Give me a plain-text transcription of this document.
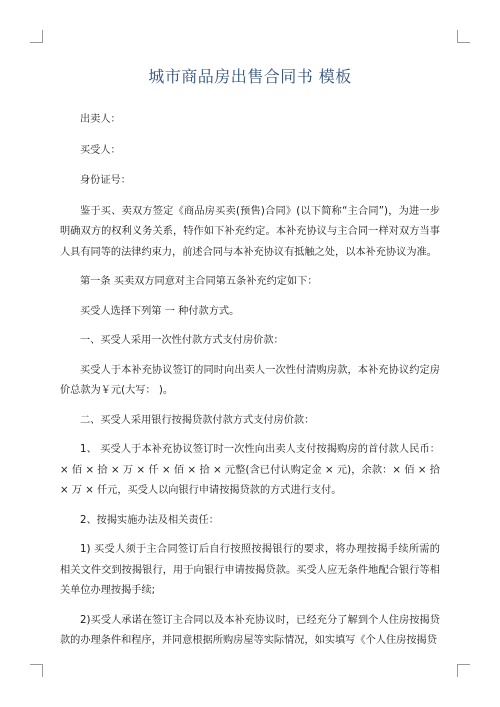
城市商品房出售合同书 模板

出卖人：

买受人：

身份证号：

鉴于买、卖双方签定《商品房买卖(预售)合同》(以下简称“主合同”)，为进一步明确双方的权利义务关系，特作如下补充约定。本补充协议与主合同一样对双方当事人具有同等的法律约束力，前述合同与本补充协议有抵触之处，以本补充协议为准。

第一条 买卖双方同意对主合同第五条补充约定如下：

买受人选择下列第 一 种付款方式。

一、买受人采用一次性付款方式支付房价款：

买受人于本补充协议签订的同时向出卖人一次性付清购房款，本补充协议约定房价总款为￥元(大写： )。

二、买受人采用银行按揭贷款付款方式支付房价款：

1、 买受人于本补充协议签订时一次性向出卖人支付按揭购房的首付款人民币：× 佰 × 拾 × 万 × 仟 × 佰 × 拾 × 元整(含已付认购定金 × 元)，余款：× 佰 × 拾 × 万 × 仟元，买受人以向银行申请按揭贷款的方式进行支付。

2、按揭实施办法及相关责任：

1) 买受人须于主合同签订后自行按照按揭银行的要求，将办理按揭手续所需的相关文件交到按揭银行，用于向银行申请按揭贷款。买受人应无条件地配合银行等相关单位办理按揭手续;

2)买受人承诺在签订主合同以及本补充协议时，已经充分了解到个人住房按揭贷款的办理条件和程序，并同意根据所购房屋等实际情况，如实填写《个人住房按揭贷
